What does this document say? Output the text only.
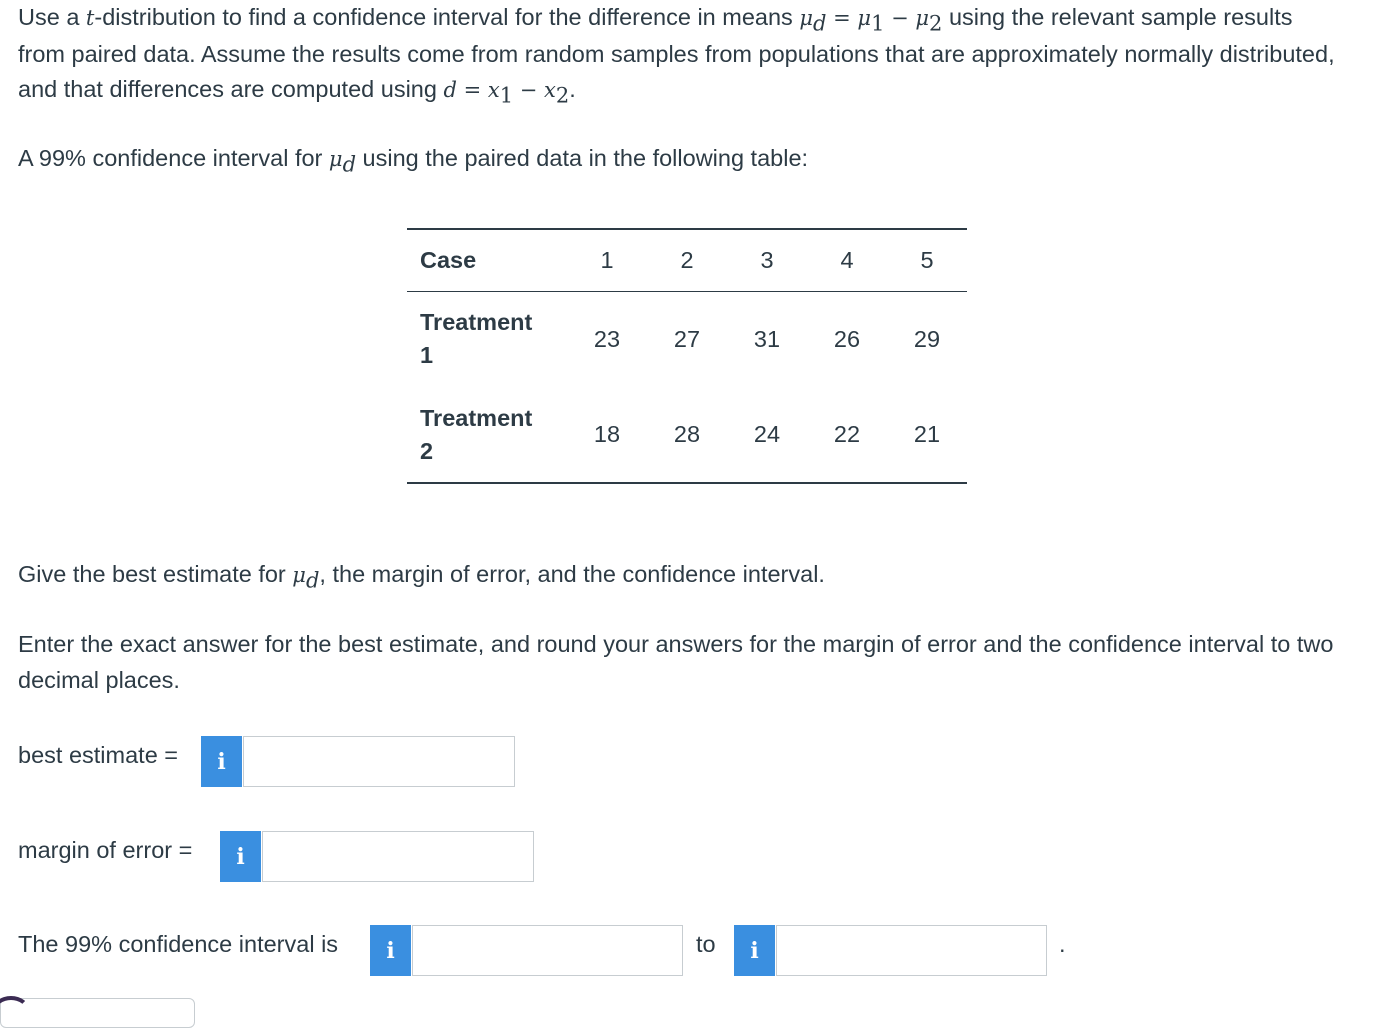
Use a t-distribution to find a confidence interval for the difference in means $\mu_d = \mu_1 - \mu_2$ using the relevant sample results from paired data. Assume the results come from random samples from populations that are approximately normally distributed, and that differences are computed using $d = x_1 - x_2$.

A 99% confidence interval for $\mu_d$ using the paired data in the following table:

Case	1	2	3	4	5
Treatment
1	23	27	31	26	29
Treatment
2	18	28	24	22	21

Give the best estimate for $\mu_d$, the margin of error, and the confidence interval.

Enter the exact answer for the best estimate, and round your answers for the margin of error and the confidence interval to two decimal places.

best estimate =	i
margin of error =	i
The 99% confidence interval is	i	to	i	.
